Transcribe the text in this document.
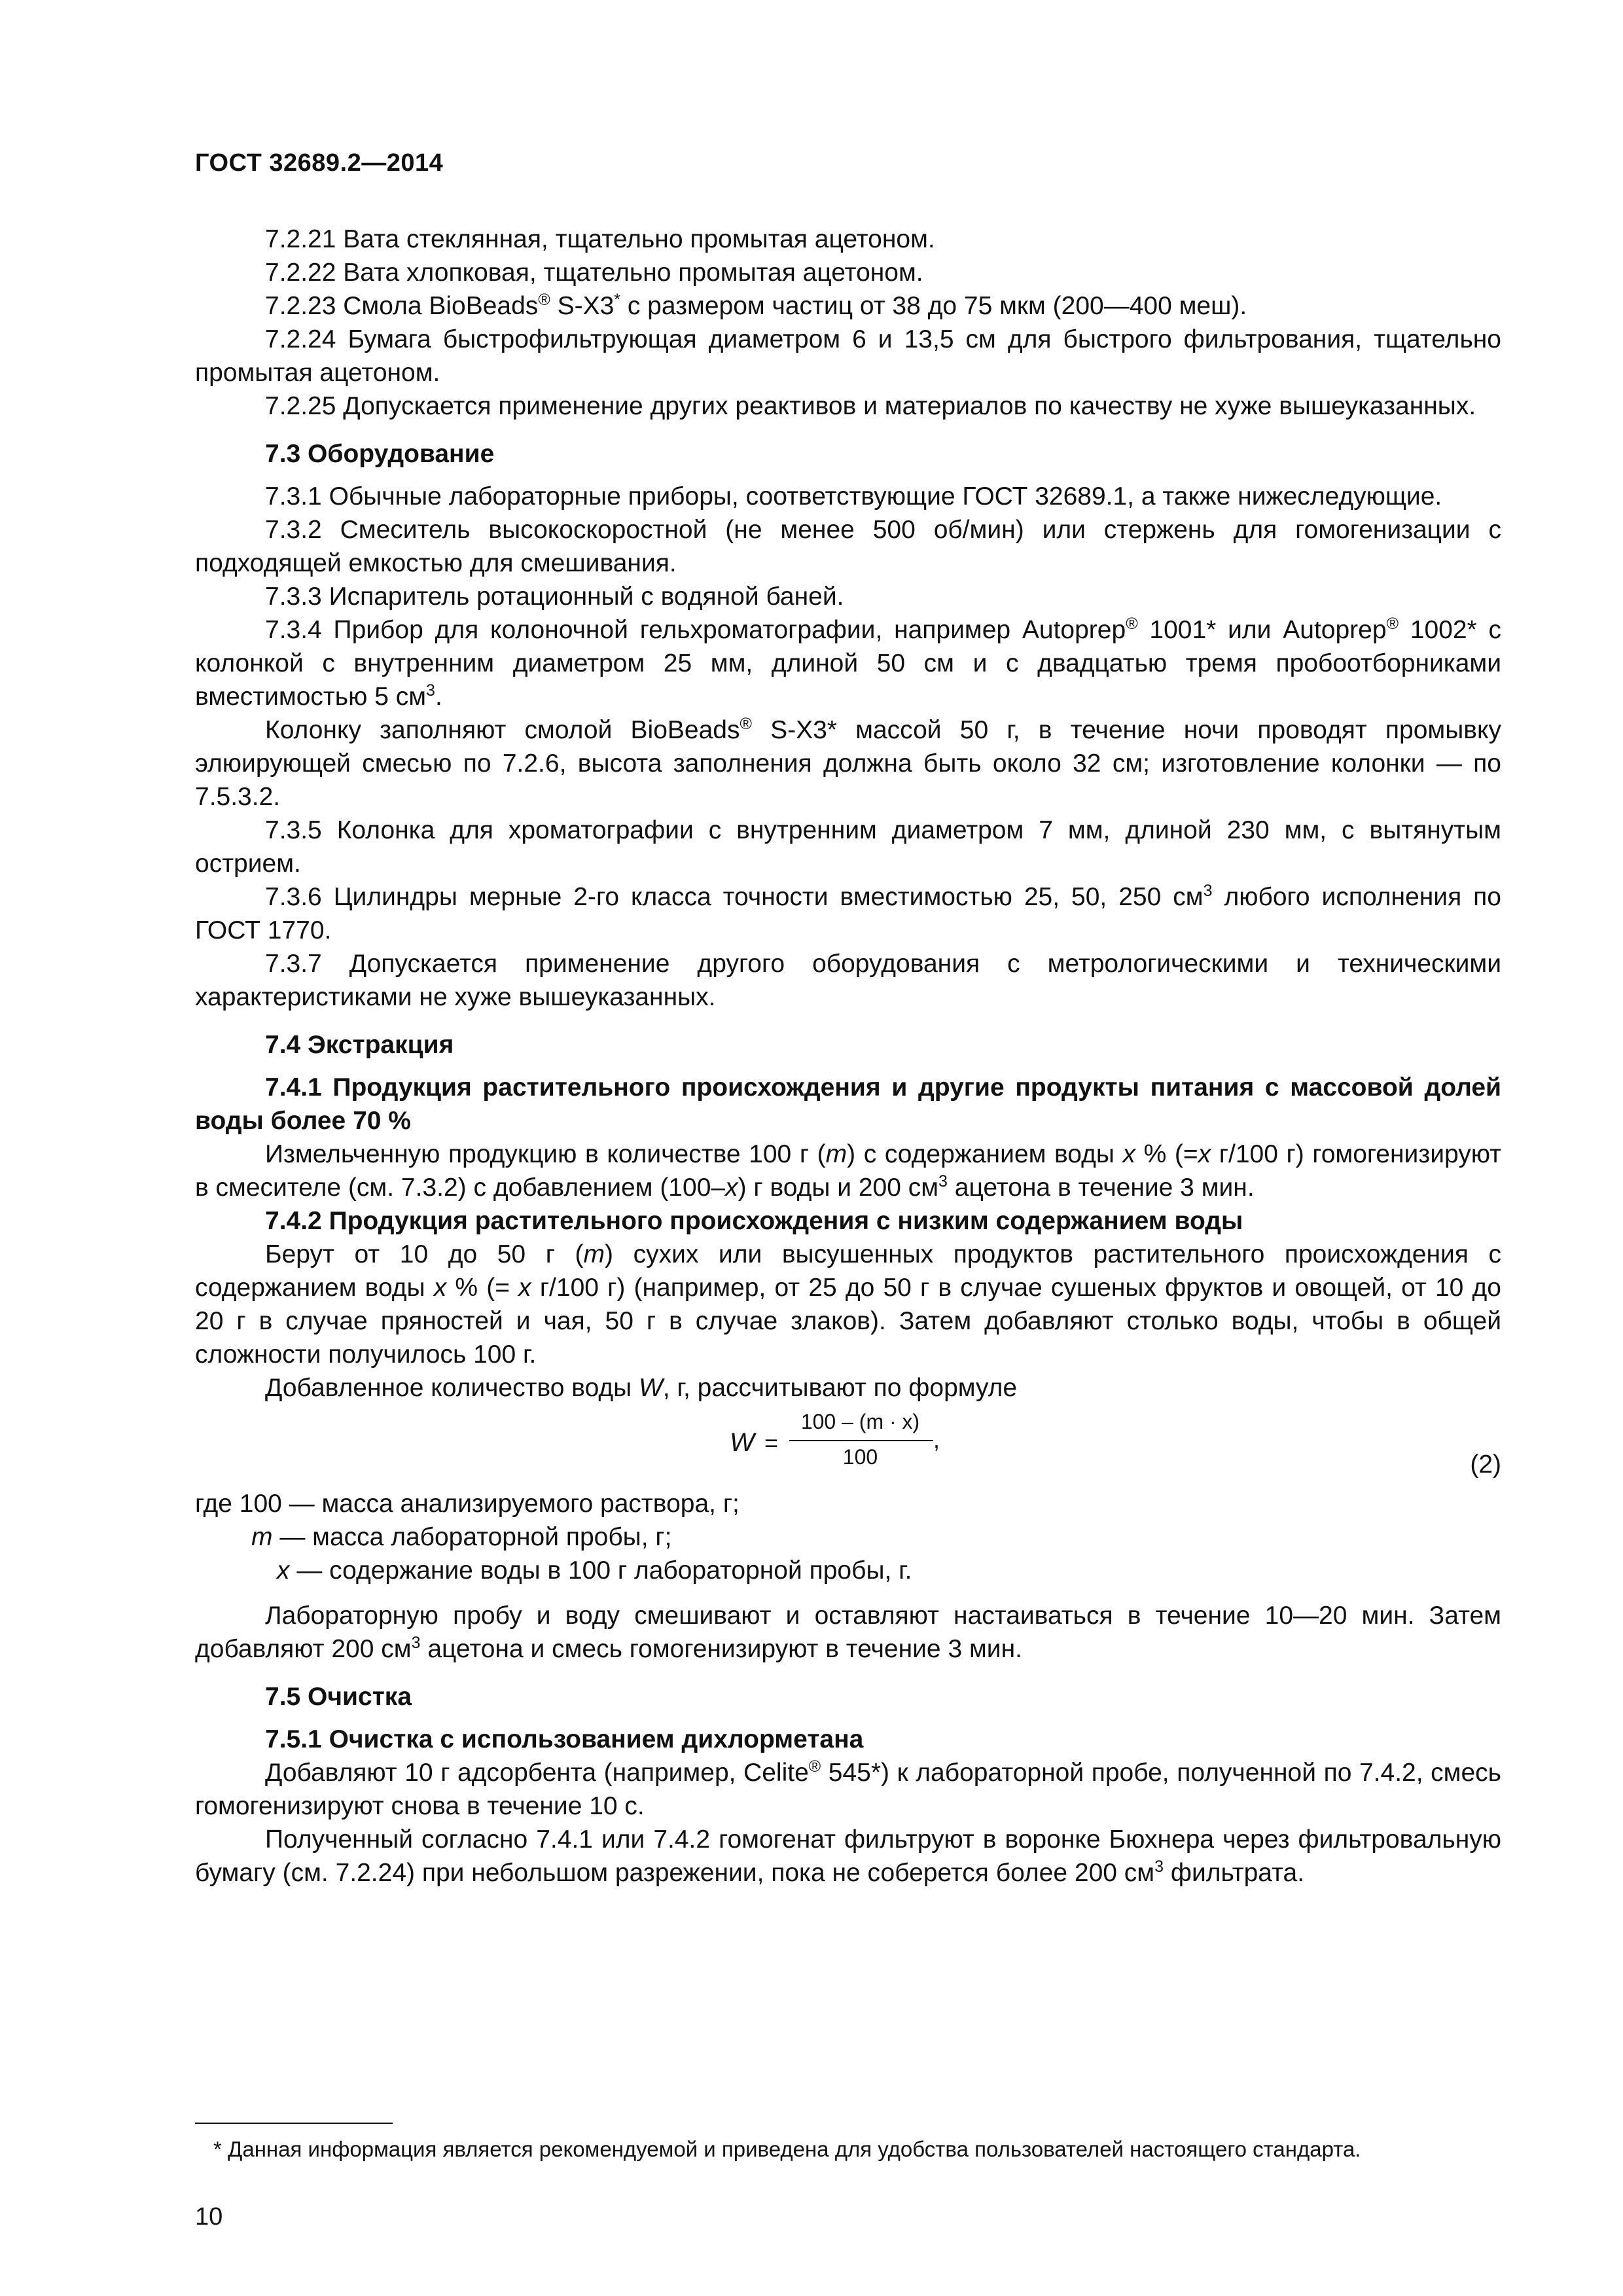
ГОСТ 32689.2—2014

7.2.21 Вата стеклянная, тщательно промытая ацетоном.

7.2.22 Вата хлопковая, тщательно промытая ацетоном.

7.2.23 Смола BioBeads® S-X3* с размером частиц от 38 до 75 мкм (200—400 меш).

7.2.24 Бумага быстрофильтрующая диаметром 6 и 13,5 см для быстрого фильтрования, тщательно промытая ацетоном.

7.2.25 Допускается применение других реактивов и материалов по качеству не хуже вышеуказанных.

7.3 Оборудование

7.3.1 Обычные лабораторные приборы, соответствующие ГОСТ 32689.1, а также нижеследующие.

7.3.2 Смеситель высокоскоростной (не менее 500 об/мин) или стержень для гомогенизации с подходящей емкостью для смешивания.

7.3.3 Испаритель ротационный с водяной баней.

7.3.4 Прибор для колоночной гельхроматографии, например Autoprep® 1001* или Autoprep® 1002* с колонкой с внутренним диаметром 25 мм, длиной 50 см и с двадцатью тремя пробоотборниками вместимостью 5 $см^3$.

Колонку заполняют смолой BioBeads® S-X3* массой 50 г, в течение ночи проводят промывку элюирующей смесью по 7.2.6, высота заполнения должна быть около 32 см; изготовление колонки — по 7.5.3.2.

7.3.5 Колонка для хроматографии с внутренним диаметром 7 мм, длиной 230 мм, с вытянутым острием.

7.3.6 Цилиндры мерные 2-го класса точности вместимостью 25, 50, 250 $см^3$ любого исполнения по ГОСТ 1770.

7.3.7 Допускается применение другого оборудования с метрологическими и техническими характеристиками не хуже вышеуказанных.

7.4 Экстракция

7.4.1 Продукция растительного происхождения и другие продукты питания с массовой долей воды более 70 %

Измельченную продукцию в количестве 100 г (m) с содержанием воды x % (=x г/100 г) гомогенизируют в смесителе (см. 7.3.2) с добавлением (100–x) г воды и 200 $см^3$ ацетона в течение 3 мин.

7.4.2 Продукция растительного происхождения с низким содержанием воды

Берут от 10 до 50 г (m) сухих или высушенных продуктов растительного происхождения с содержанием воды x % (= x г/100 г) (например, от 25 до 50 г в случае сушеных фруктов и овощей, от 10 до 20 г в случае пряностей и чая, 50 г в случае злаков). Затем добавляют столько воды, чтобы в общей сложности получилось 100 г.

Добавленное количество воды W, г, рассчитывают по формуле

W =
100 – (m · x)
100
,
(2)
где 100 — масса анализируемого раствора, г;
m — масса лабораторной пробы, г;
x — содержание воды в 100 г лабораторной пробы, г.

Лабораторную пробу и воду смешивают и оставляют настаиваться в течение 10—20 мин. Затем добавляют 200 $см^3$ ацетона и смесь гомогенизируют в течение 3 мин.

7.5 Очистка

7.5.1 Очистка с использованием дихлорметана

Добавляют 10 г адсорбента (например, Celite® 545*) к лабораторной пробе, полученной по 7.4.2, смесь гомогенизируют снова в течение 10 с.

Полученный согласно 7.4.1 или 7.4.2 гомогенат фильтруют в воронке Бюхнера через фильтровальную бумагу (см. 7.2.24) при небольшом разрежении, пока не соберется более 200 $см^3$ фильтрата.

* Данная информация является рекомендуемой и приведена для удобства пользователей настоящего стандарта.
10
